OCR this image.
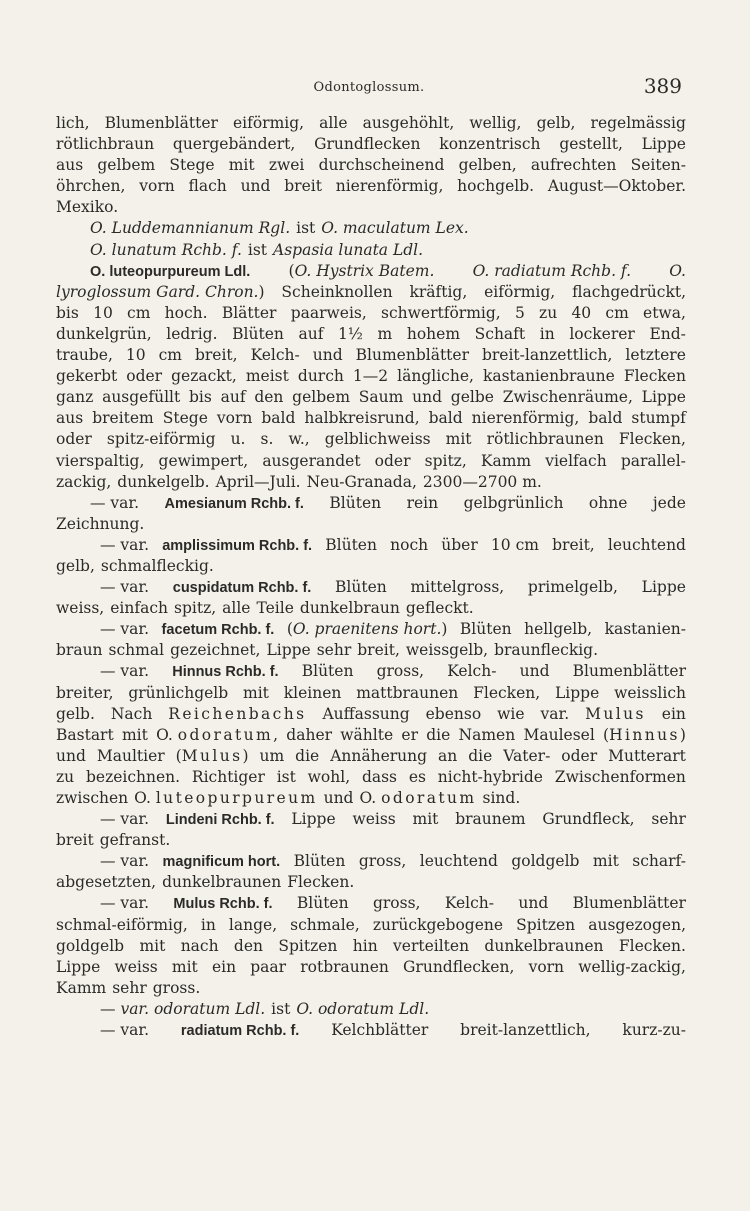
Odontoglossum.	389
lich, Blumenblätter eiförmig, alle ausgehöhlt, wellig, gelb, regelmässig
rötlichbraun quergebändert, Grundflecken konzentrisch gestellt, Lippe
aus gelbem Stege mit zwei durchscheinend gelben, aufrechten Seiten-
öhrchen, vorn flach und breit nierenförmig, hochgelb. August—Oktober.
Mexiko.
O. Luddemannianum Rgl. ist O. maculatum Lex.
O. lunatum Rchb. f. ist Aspasia lunata Ldl.
O. luteopurpureum Ldl. (O. Hystrix Batem. O. radiatum Rchb. f. O.
lyroglossum Gard. Chron.) Scheinknollen kräftig, eiförmig, flachgedrückt,
bis 10 cm hoch. Blätter paarweis, schwertförmig, 5 zu 40 cm etwa,
dunkelgrün, ledrig. Blüten auf 1½ m hohem Schaft in lockerer End-
traube, 10 cm breit, Kelch- und Blumenblätter breit-lanzettlich, letztere
gekerbt oder gezackt, meist durch 1—2 längliche, kastanienbraune Flecken
ganz ausgefüllt bis auf den gelbem Saum und gelbe Zwischenräume, Lippe
aus breitem Stege vorn bald halbkreisrund, bald nierenförmig, bald stumpf
oder spitz-eiförmig u. s. w., gelblichweiss mit rötlichbraunen Flecken,
vierspaltig, gewimpert, ausgerandet oder spitz, Kamm vielfach parallel-
zackig, dunkelgelb. April—Juli. Neu-Granada, 2300—2700 m.
— var. Amesianum Rchb. f. Blüten rein gelbgrünlich ohne jede
Zeichnung.
— var. amplissimum Rchb. f. Blüten noch über 10 cm breit, leuchtend
gelb, schmalfleckig.
— var. cuspidatum Rchb. f. Blüten mittelgross, primelgelb, Lippe
weiss, einfach spitz, alle Teile dunkelbraun gefleckt.
— var. facetum Rchb. f. (O. praenitens hort.) Blüten hellgelb, kastanien-
braun schmal gezeichnet, Lippe sehr breit, weissgelb, braunfleckig.
— var. Hinnus Rchb. f. Blüten gross, Kelch- und Blumenblätter
breiter, grünlichgelb mit kleinen mattbraunen Flecken, Lippe weisslich
gelb. Nach Reichenbachs Auffassung ebenso wie var. Mulus ein
Bastart mit O. odoratum, daher wählte er die Namen Maulesel (Hinnus)
und Maultier (Mulus) um die Annäherung an die Vater- oder Mutterart
zu bezeichnen. Richtiger ist wohl, dass es nicht-hybride Zwischenformen
zwischen O. luteopurpureum und O. odoratum sind.
— var. Lindeni Rchb. f. Lippe weiss mit braunem Grundfleck, sehr
breit gefranst.
— var. magnificum hort. Blüten gross, leuchtend goldgelb mit scharf-
abgesetzten, dunkelbraunen Flecken.
— var. Mulus Rchb. f. Blüten gross, Kelch- und Blumenblätter
schmal-eiförmig, in lange, schmale, zurückgebogene Spitzen ausgezogen,
goldgelb mit nach den Spitzen hin verteilten dunkelbraunen Flecken.
Lippe weiss mit ein paar rotbraunen Grundflecken, vorn wellig-zackig,
Kamm sehr gross.
— var. odoratum Ldl. ist O. odoratum Ldl.
— var. radiatum Rchb. f. Kelchblätter breit-lanzettlich, kurz-zu-
